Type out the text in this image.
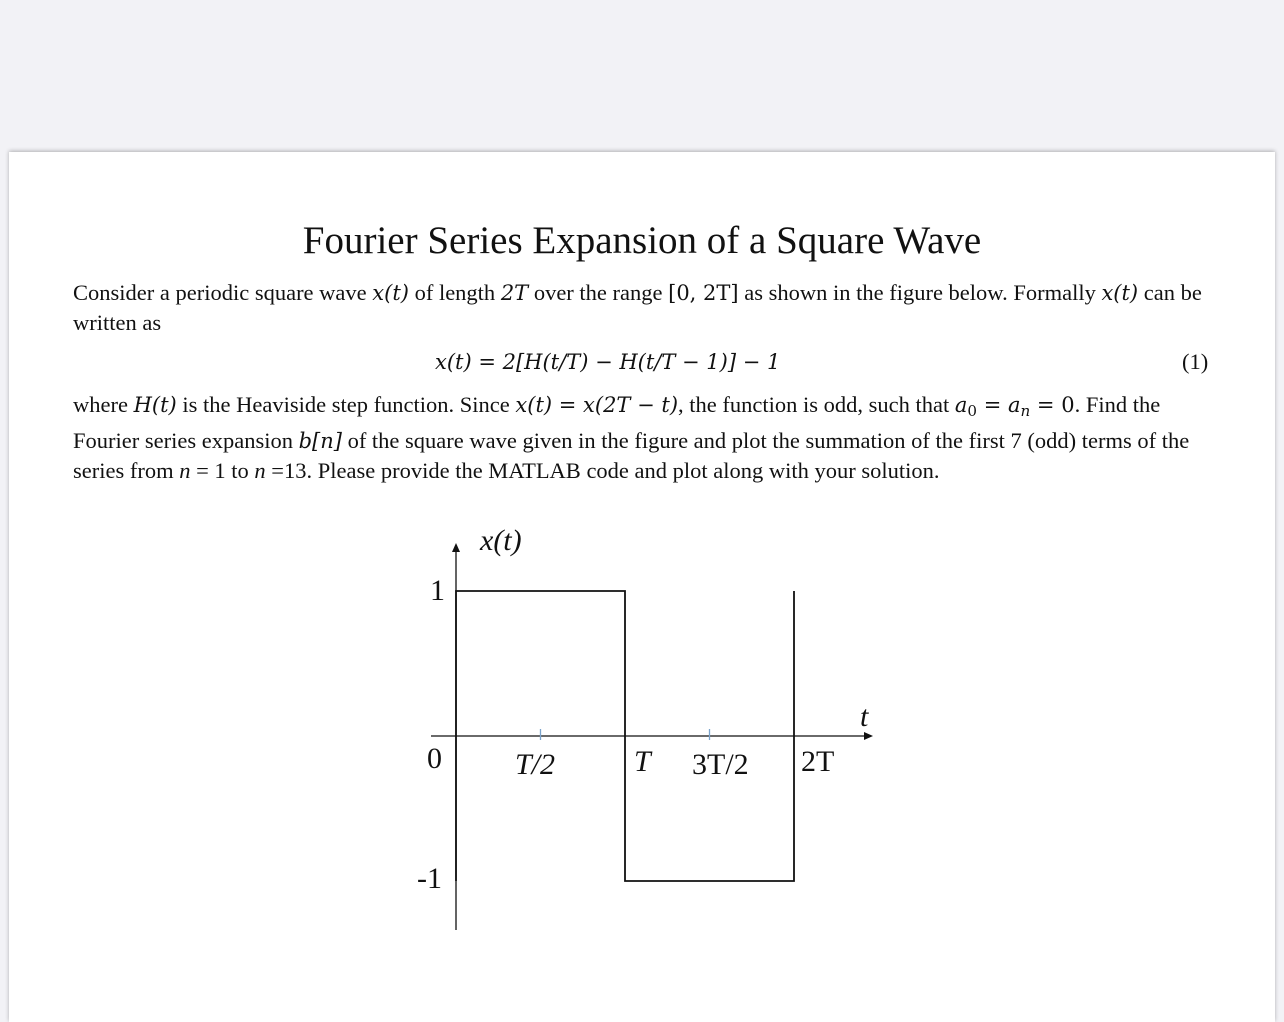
Fourier Series Expansion of a Square Wave
Consider a periodic square wave x(t) of length 2T over the range [0, 2T] as shown in the figure below. Formally x(t) can be written as
x(t) = 2[H(t/T) − H(t/T − 1)] − 1	(1)
where H(t) is the Heaviside step function. Since x(t) = x(2T − t), the function is odd, such that $a_0 = a_n = 0$. Find the Fourier series expansion b[n] of the square wave given in the figure and plot the summation of the first 7 (odd) terms of the series from n = 1 to n =13. Please provide the MATLAB code and plot along with your solution.
x(t)
t
1
0
-1
T/2	T 3T/2 2T
